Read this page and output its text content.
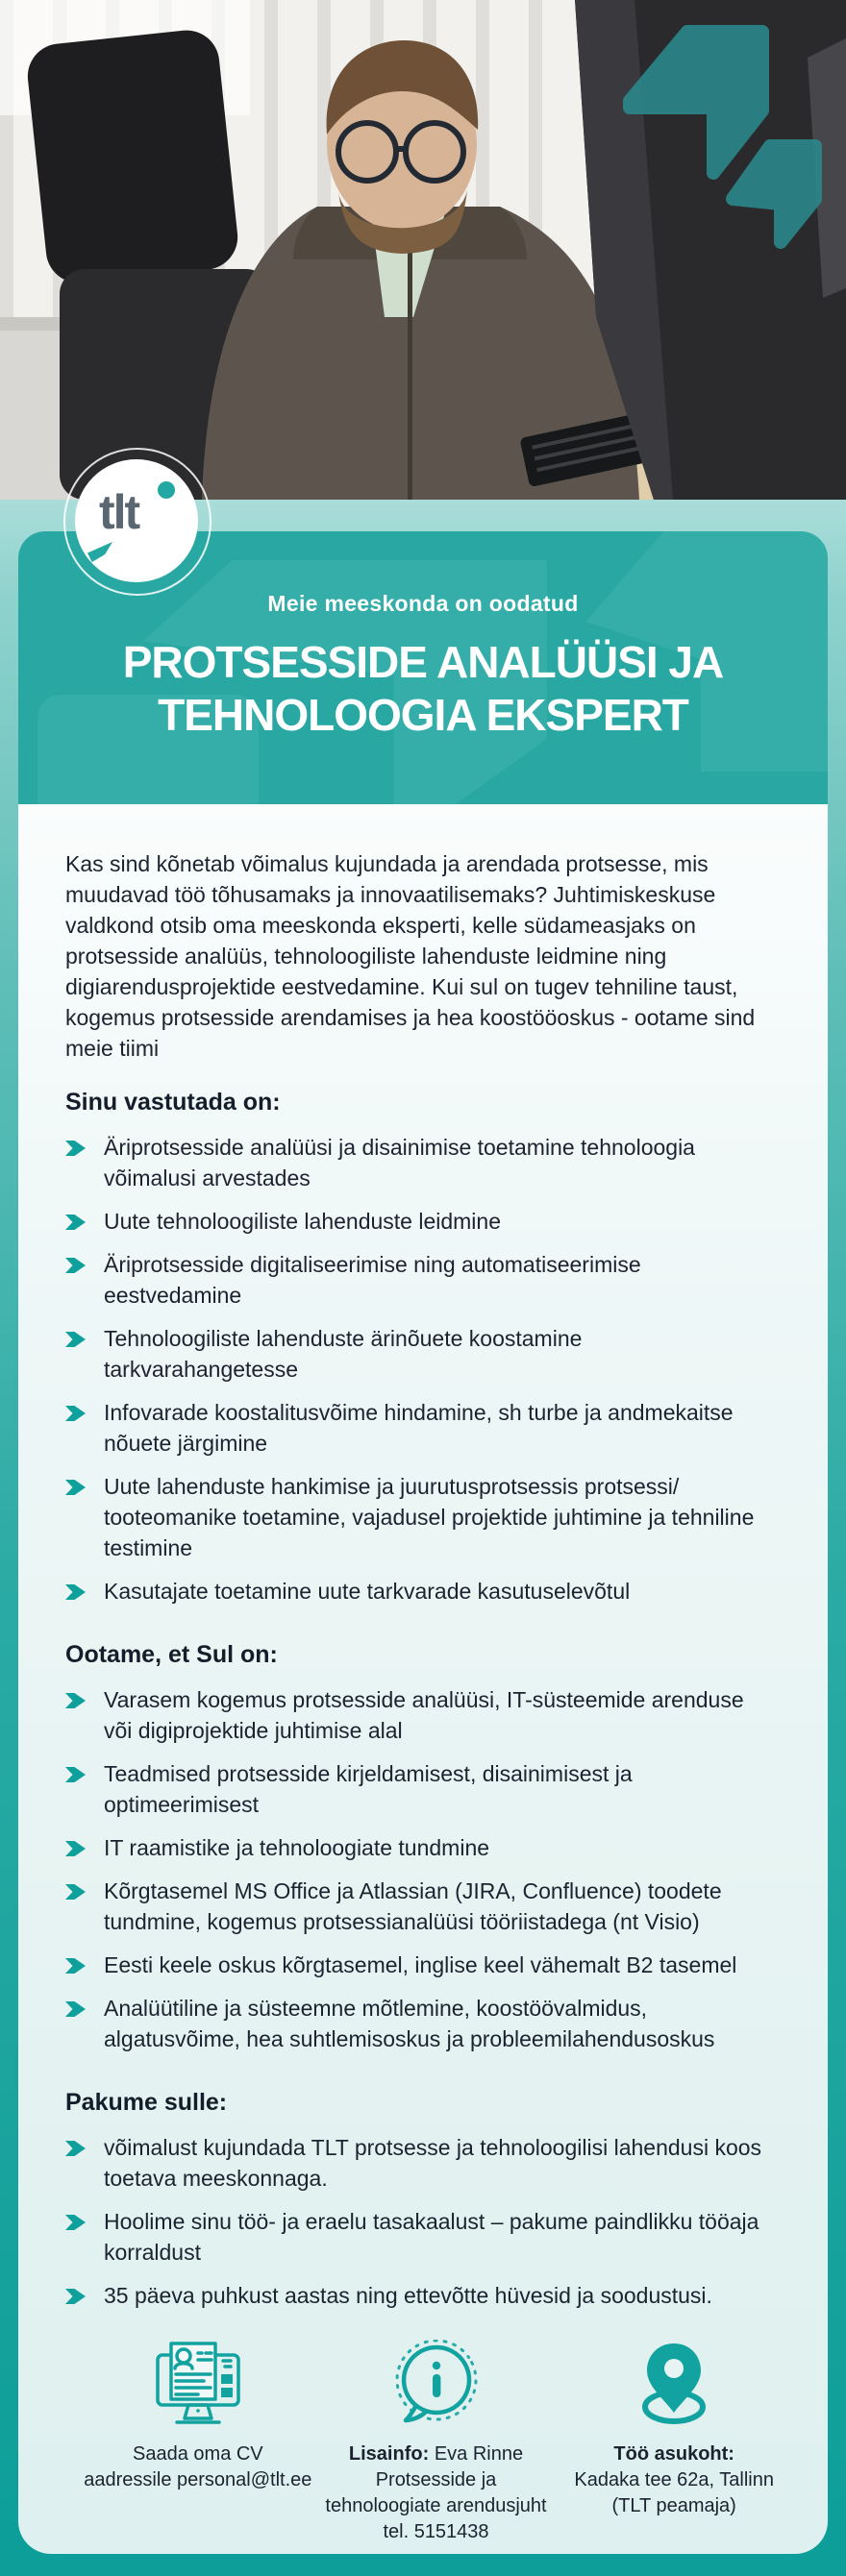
tlt
Meie meeskonda on oodatud
PROTSESSIDE ANALÜÜSI JA
TEHNOLOOGIA EKSPERT

Kas sind kõnetab võimalus kujundada ja arendada protsesse, mis muudavad töö tõhusamaks ja innovaatilisemaks? Juhtimiskeskuse valdkond otsib oma meeskonda eksperti, kelle südameasjaks on protsesside analüüs, tehnoloogiliste lahenduste leidmine ning digiarendusprojektide eestvedamine. Kui sul on tugev tehniline taust, kogemus protsesside arendamises ja hea koostööoskus - ootame sind meie tiimi

Sinu vastutada on:
Äriprotsesside analüüsi ja disainimise toetamine tehnoloogia võimalusi arvestades
Uute tehnoloogiliste lahenduste leidmine
Äriprotsesside digitaliseerimise ning automatiseerimise eestvedamine
Tehnoloogiliste lahenduste ärinõuete koostamine tarkvarahangetesse
Infovarade koostalitusvõime hindamine, sh turbe ja andmekaitse nõuete järgimine
Uute lahenduste hankimise ja juurutusprotsessis protsessi/ tooteomanike toetamine, vajadusel projektide juhtimine ja tehniline testimine
Kasutajate toetamine uute tarkvarade kasutuselevõtul
Ootame, et Sul on:
Varasem kogemus protsesside analüüsi, IT-süsteemide arenduse või digiprojektide juhtimise alal
Teadmised protsesside kirjeldamisest, disainimisest ja optimeerimisest
IT raamistike ja tehnoloogiate tundmine
Kõrgtasemel MS Office ja Atlassian (JIRA, Confluence) toodete tundmine, kogemus protsessianalüüsi tööriistadega (nt Visio)
Eesti keele oskus kõrgtasemel, inglise keel vähemalt B2 tasemel
Analüütiline ja süsteemne mõtlemine, koostöövalmidus, algatusvõime, hea suhtlemisoskus ja probleemilahendusoskus
Pakume sulle:
võimalust kujundada TLT protsesse ja tehnoloogilisi lahendusi koos toetava meeskonnaga.
Hoolime sinu töö- ja eraelu tasakaalust – pakume paindlikku tööaja korraldust
35 päeva puhkust aastas ning ettevõtte hüvesid ja soodustusi.
Saada oma CV
aadressile personal@tlt.ee
Lisainfo: Eva Rinne
Protsesside ja
tehnoloogiate arendusjuht
tel. 5151438
Töö asukoht:
Kadaka tee 62a, Tallinn
(TLT peamaja)
